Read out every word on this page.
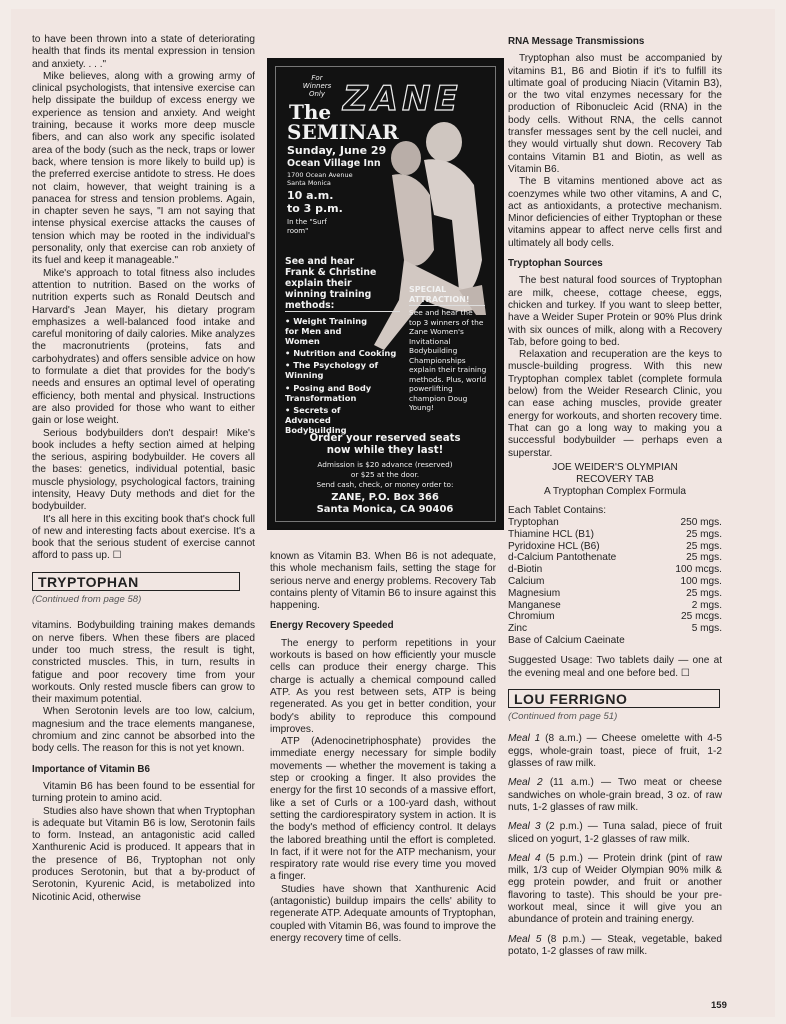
to have been thrown into a state of deteriorating health that finds its mental expression in tension and anxiety. . . ."

Mike believes, along with a growing army of clinical psychologists, that intensive exercise can help dissipate the buildup of excess energy we experience as tension and anxiety. And weight training, because it works more deep muscle fibers, and can also work any specific isolated area of the body (such as the neck, traps or lower back, where tension is more likely to build up) is the preferred exercise antidote to stress. He does not claim, however, that weight training is a panacea for stress and tension problems. Again, in chapter seven he says, "I am not saying that intense physical exercise attacks the causes of tension which may be rooted in the individual's personality, only that exercise can rob anxiety of its fuel and keep it manageable."

Mike's approach to total fitness also includes attention to nutrition. Based on the works of nutrition experts such as Ronald Deutsch and Harvard's Jean Mayer, his dietary program emphasizes a well-balanced food intake and careful monitoring of daily calories. Mike analyzes the macronutrients (proteins, fats and carbohydrates) and offers sensible advice on how to formulate a diet that provides for the body's needs and ensures an optimal level of operating efficiency, both mental and physical. Instructions are also provided for those who want to either gain or lose weight.

Serious bodybuilders don't despair! Mike's book includes a hefty section aimed at helping the serious, aspiring bodybuilder. He covers all the bases: genetics, individual potential, basic muscle physiology, psychological factors, training intensity, Heavy Duty methods and diet for the bodybuilder.

It's all here in this exciting book that's chock full of new and interesting facts about exercise. It's a book that the serious student of exercise cannot afford to pass up. ☐

TRYPTOPHAN
(Continued from page 58)

vitamins. Bodybuilding training makes demands on nerve fibers. When these fibers are placed under too much stress, the result is tight, constricted muscles. This, in turn, results in fatigue and poor recovery time from your workouts. Only rested muscle fibers can grow to their maximum potential.

When Serotonin levels are too low, calcium, magnesium and the trace elements manganese, chromium and zinc cannot be absorbed into the body cells. The reason for this is not yet known.

Importance of Vitamin B6

Vitamin B6 has been found to be essential for turning protein to amino acid.

Studies also have shown that when Tryptophan is adequate but Vitamin B6 is low, Serotonin fails to form. Instead, an antagonistic acid called Xanthurenic Acid is produced. It appears that in the presence of B6, Tryptophan not only produces Serotonin, but that a by-product of Serotonin, Kyurenic Acid, is metabolized into Nicotinic Acid, otherwise

For Winners Only
The ZANE
SEMINAR
Sunday, June 29
Ocean Village Inn
1700 Ocean Avenue
Santa Monica
10 a.m.
to 3 p.m.
In the "Surf room"
See and hear Frank & Christine explain their winning training methods:
• Weight Training for Men and Women
• Nutrition and Cooking
• The Psychology of Winning
• Posing and Body Transformation
• Secrets of Advanced Bodybuilding
SPECIAL ATTRACTION!
See and hear the top 3 winners of the Zane Women's Invitational Bodybuilding Championships explain their training methods. Plus, world powerlifting champion Doug Young!
Order your reserved seats now while they last!
Admission is $20 advance (reserved)
or $25 at the door.
Send cash, check, or money order to:
ZANE, P.O. Box 366
Santa Monica, CA 90406

known as Vitamin B3. When B6 is not adequate, this whole mechanism fails, setting the stage for serious nerve and energy problems. Recovery Tab contains plenty of Vitamin B6 to insure against this happening.

Energy Recovery Speeded

The energy to perform repetitions in your workouts is based on how efficiently your muscle cells can produce their energy charge. This charge is actually a chemical compound called ATP. As you rest between sets, ATP is being regenerated. As you get in better condition, your body's ability to reproduce this compound improves.

ATP (Adenocinetriphosphate) provides the immediate energy necessary for simple bodily movements — whether the movement is taking a step or crooking a finger. It also provides the energy for the first 10 seconds of a massive effort, like a set of Curls or a 100-yard dash, without setting the cardiorespiratory system in action. It is the body's method of efficiency control. It delays the labored breathing until the effort is completed. In fact, if it were not for the ATP mechanism, your respiratory rate would rise every time you moved a finger.

Studies have shown that Xanthurenic Acid (antagonistic) buildup impairs the cells' ability to regenerate ATP. Adequate amounts of Tryptophan, coupled with Vitamin B6, was found to improve the energy recovery time of cells.

RNA Message Transmissions

Tryptophan also must be accompanied by vitamins B1, B6 and Biotin if it's to fulfill its ultimate goal of producing Niacin (Vitamin B3), or the two vital enzymes necessary for the production of Ribonucleic Acid (RNA) in the body cells. Without RNA, the cells cannot transfer messages sent by the cell nuclei, and they would virtually shut down. Recovery Tab contains Vitamin B1 and Biotin, as well as Vitamin B6.

The B vitamins mentioned above act as coenzymes while two other vitamins, A and C, act as antioxidants, a protective mechanism. Minor deficiencies of either Tryptophan or these vitamins appear to affect nerve cells first and ultimately all body cells.

Tryptophan Sources

The best natural food sources of Tryptophan are milk, cheese, cottage cheese, eggs, chicken and turkey. If you want to sleep better, have a Weider Super Protein or 90% Plus drink with six ounces of milk, along with a Recovery Tab, before going to bed.

Relaxation and recuperation are the keys to muscle-building progress. With this new Tryptophan complex tablet (complete formula below) from the Weider Research Clinic, you can ease aching muscles, provide greater energy for workouts, and shorten recovery time. That can go a long way to making you a successful bodybuilder — perhaps even a superstar.

JOE WEIDER'S OLYMPIAN
RECOVERY TAB
A Tryptophan Complex Formula
Each Tablet Contains:
Tryptophan	250 mgs.
Thiamine HCL (B1)	25 mgs.
Pyridoxine HCL (B6)	25 mgs.
d-Calcium Pantothenate	25 mgs.
d-Biotin	100 mcgs.
Calcium	100 mgs.
Magnesium	25 mgs.
Manganese	2 mgs.
Chromium	25 mcgs.
Zinc	5 mgs.
Base of Calcium Caeinate

Suggested Usage: Two tablets daily — one at the evening meal and one before bed. ☐

LOU FERRIGNO
(Continued from page 51)

Meal 1 (8 a.m.) — Cheese omelette with 4-5 eggs, whole-grain toast, piece of fruit, 1-2 glasses of raw milk.

Meal 2 (11 a.m.) — Two meat or cheese sandwiches on whole-grain bread, 3 oz. of raw nuts, 1-2 glasses of raw milk.

Meal 3 (2 p.m.) — Tuna salad, piece of fruit sliced on yogurt, 1-2 glasses of raw milk.

Meal 4 (5 p.m.) — Protein drink (pint of raw milk, 1/3 cup of Weider Olympian 90% milk & egg protein powder, and fruit or another flavoring to taste). This should be your pre-workout meal, since it will give you an abundance of protein and training energy.

Meal 5 (8 p.m.) — Steak, vegetable, baked potato, 1-2 glasses of raw milk.

159
